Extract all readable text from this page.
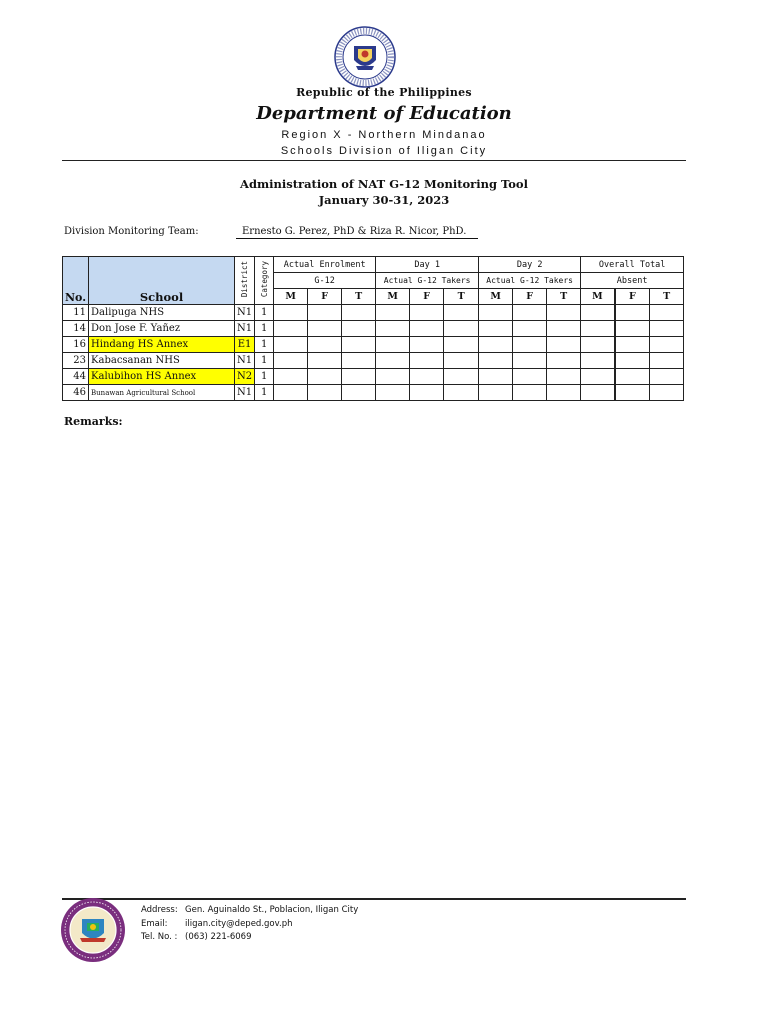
Republic of the Philippines
Department of Education
Region X - Northern Mindanao
Schools Division of Iligan City
Administration of NAT G-12 Monitoring Tool
January 30-31, 2023
Division Monitoring Team:	Ernesto G. Perez, PhD & Riza R. Nicor, PhD.
No.	School	District	Category	Actual Enrolment			Day 1			Day 2			Overall Total		
				G-12			Actual G-12 Takers			Actual G-12 Takers			Absent		
				M	F	T	M	F	T	M	F	T	M	F	T
11	Dalipuga NHS	N1	1												
14	Don Jose F. Yañez	N1	1												
16	Hindang HS Annex	E1	1												
23	Kabacsanan NHS	N1	1												
44	Kalubihon HS Annex	N2	1												
46	Bunawan Agricultural School	N1	1												
Remarks:
Address: Gen. Aguinaldo St., Poblacion, Iligan City
Email: iligan.city@deped.gov.ph
Tel. No. : (063) 221-6069
